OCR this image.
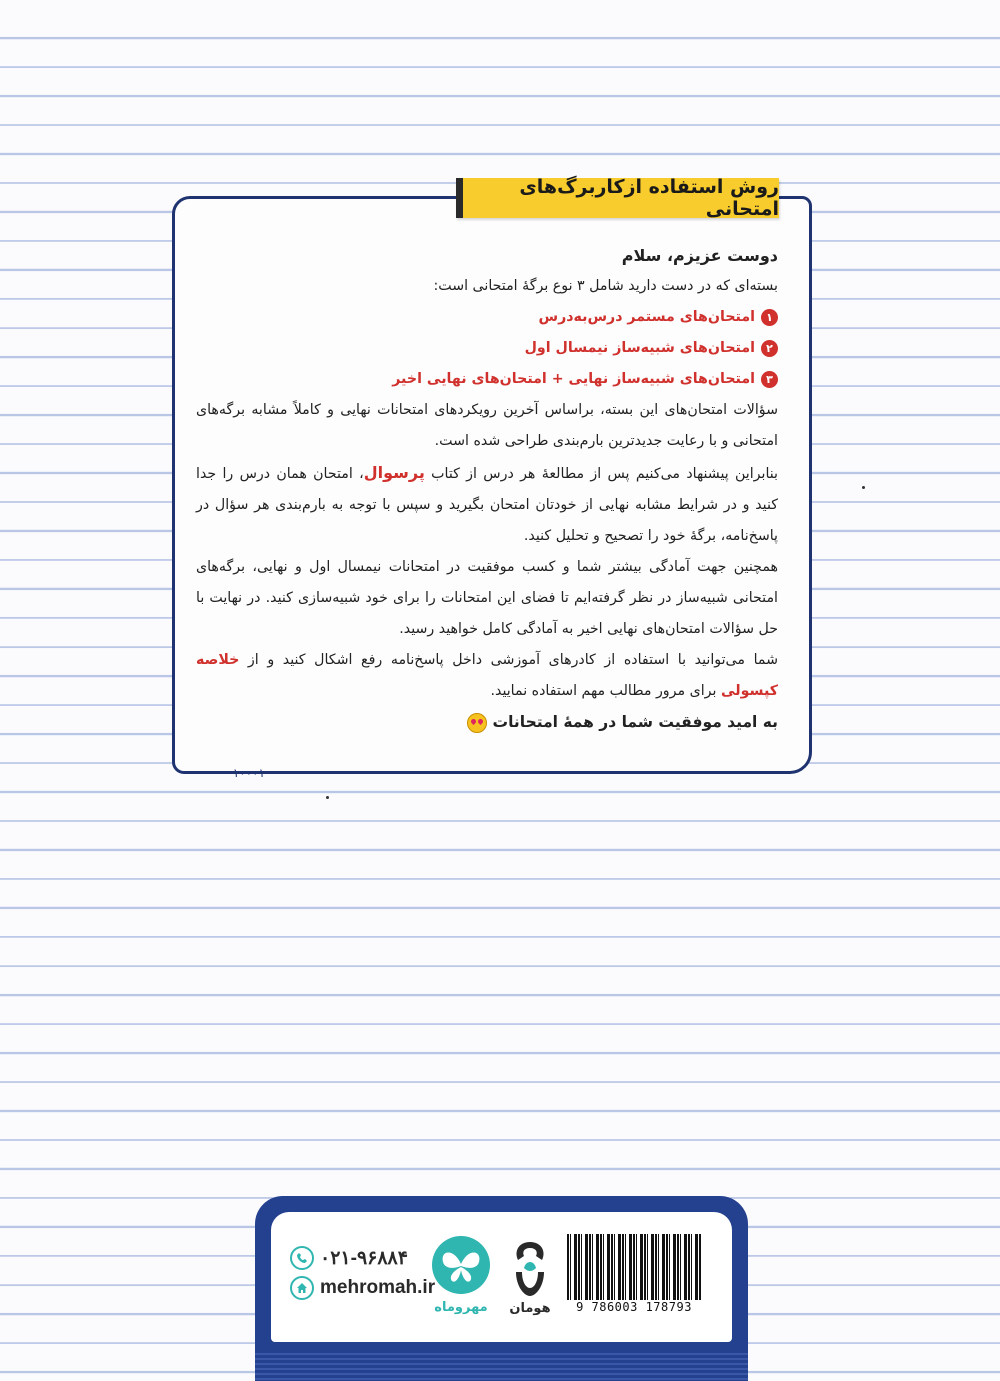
روش استفاده ازکاربرگ‌های امتحانی

دوست عزیزم، سلام

بسته‌ای که در دست دارید شامل ۳ نوع برگهٔ امتحانی است:

۱
امتحان‌های مستمر درس‌به‌درس

۲
امتحان‌های شبیه‌ساز نیمسال اول

۳
امتحان‌های شبیه‌ساز نهایی + امتحان‌های نهایی اخیر

سؤالات امتحان‌های این بسته، براساس آخرین رویکردهای امتحانات نهایی و کاملاً مشابه برگه‌های امتحانی و با رعایت جدیدترین بارم‌بندی طراحی شده است.

بنابراین پیشنهاد می‌کنیم پس از مطالعهٔ هر درس از کتاب پرسوال، امتحان همان درس را جدا کنید و در شرایط مشابه نهایی از خودتان امتحان بگیرید و سپس با توجه به بارم‌بندی هر سؤال در پاسخ‌نامه، برگهٔ خود را تصحیح و تحلیل کنید.

همچنین جهت آمادگی بیشتر شما و کسب موفقیت در امتحانات نیمسال اول و نهایی، برگه‌های امتحانی شبیه‌ساز در نظر گرفته‌ایم تا فضای این امتحانات را برای خود شبیه‌سازی کنید. در نهایت با حل سؤالات امتحان‌های نهایی اخیر به آمادگی کامل خواهید رسید.

شما می‌توانید با استفاده از کادرهای آموزشی داخل پاسخ‌نامه رفع اشکال کنید و از خلاصه کپسولی برای مرور مطالب مهم استفاده نمایید.

به امید موفقیت شما در همهٔ امتحانات

۱۰۰۰۱
9 786003 178793
هومان
مهروماه
۰۲۱-۹۶۸۸۴
mehromah.ir
